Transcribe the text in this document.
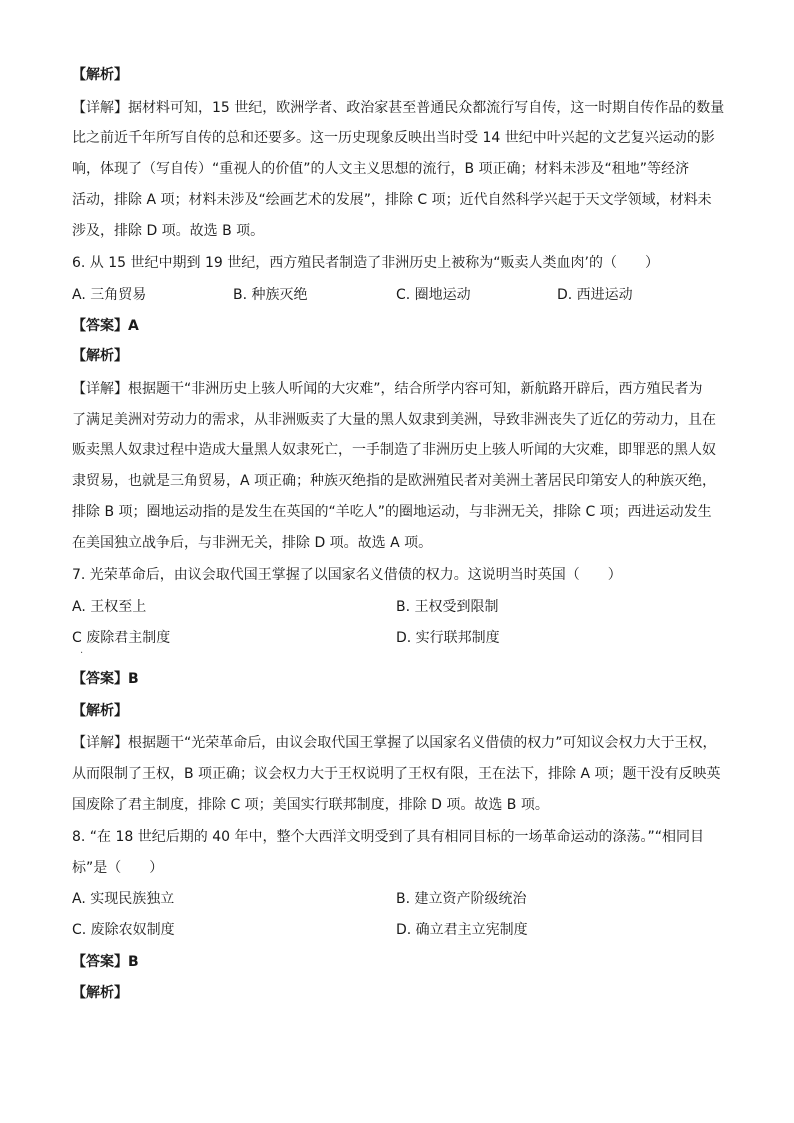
【解析】
【详解】据材料可知，15 世纪，欧洲学者、政治家甚至普通民众都流行写自传，这一时期自传作品的数量
比之前近千年所写自传的总和还要多。这一历史现象反映出当时受 14 世纪中叶兴起的文艺复兴运动的影
响，体现了（写自传）“重视人的价值”的人文主义思想的流行，B 项正确；材料未涉及“租地”等经济
活动，排除 A 项；材料未涉及“绘画艺术的发展”，排除 C 项；近代自然科学兴起于天文学领域，材料未
涉及，排除 D 项。故选 B 项。
6. 从 15 世纪中期到 19 世纪，西方殖民者制造了非洲历史上被称为“贩卖人类血肉’的（　　）
A. 三角贸易	B. 种族灭绝	C. 圈地运动	D. 西进运动
【答案】A
【解析】
【详解】根据题干“非洲历史上骇人听闻的大灾难”，结合所学内容可知，新航路开辟后，西方殖民者为
了满足美洲对劳动力的需求，从非洲贩卖了大量的黑人奴隶到美洲，导致非洲丧失了近亿的劳动力，且在
贩卖黑人奴隶过程中造成大量黑人奴隶死亡，一手制造了非洲历史上骇人听闻的大灾难，即罪恶的黑人奴
隶贸易，也就是三角贸易，A 项正确；种族灭绝指的是欧洲殖民者对美洲土著居民印第安人的种族灭绝，
排除 B 项；圈地运动指的是发生在英国的“羊吃人”的圈地运动，与非洲无关，排除 C 项；西进运动发生
在美国独立战争后，与非洲无关，排除 D 项。故选 A 项。
7. 光荣革命后，由议会取代国王掌握了以国家名义借债的权力。这说明当时英国（　　）
A. 王权至上	B. 王权受到限制
C 废除君主制度	D. 实行联邦制度
·
【答案】B
【解析】
【详解】根据题干“光荣革命后，由议会取代国王掌握了以国家名义借债的权力”可知议会权力大于王权，
从而限制了王权，B 项正确；议会权力大于王权说明了王权有限，王在法下，排除 A 项；题干没有反映英
国废除了君主制度，排除 C 项；美国实行联邦制度，排除 D 项。故选 B 项。
8. “在 18 世纪后期的 40 年中，整个大西洋文明受到了具有相同目标的一场革命运动的涤荡。”“相同目
标”是（　　）
A. 实现民族独立	B. 建立资产阶级统治
C. 废除农奴制度	D. 确立君主立宪制度
【答案】B
【解析】
